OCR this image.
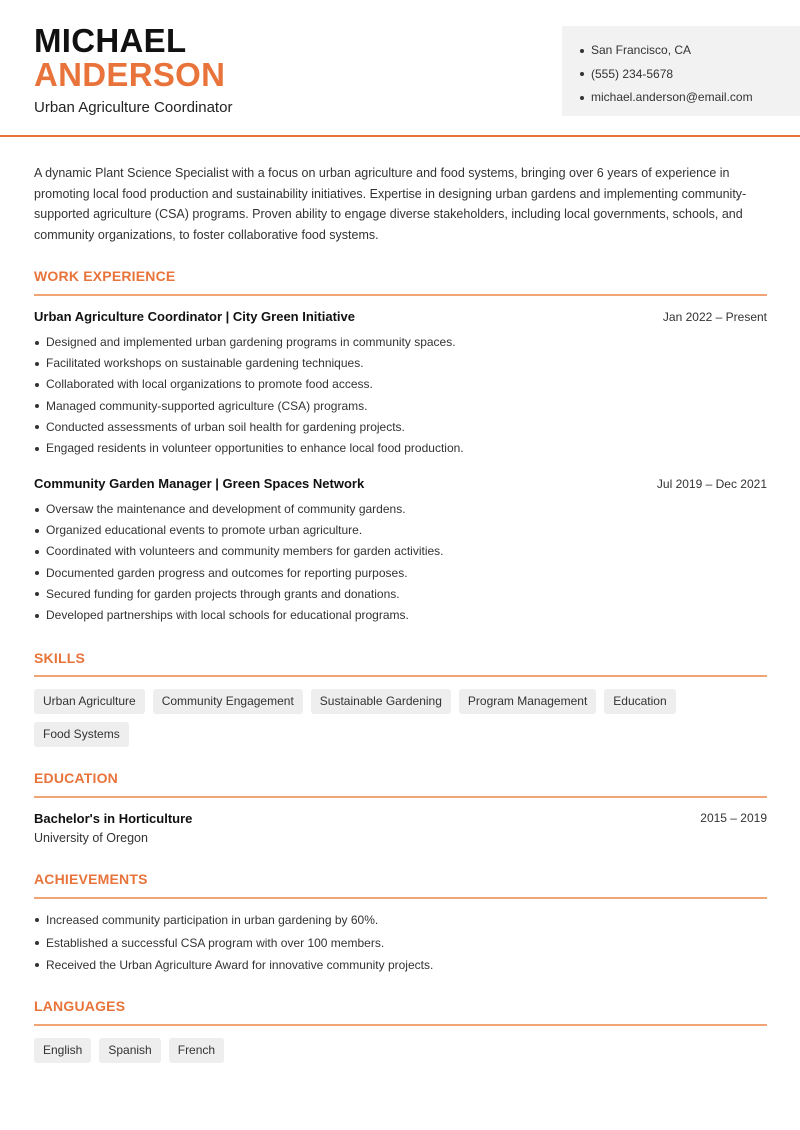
MICHAEL
ANDERSON
Urban Agriculture Coordinator
San Francisco, CA
(555) 234-5678
michael.anderson@email.com

A dynamic Plant Science Specialist with a focus on urban agriculture and food systems, bringing over 6 years of experience in promoting local food production and sustainability initiatives. Expertise in designing urban gardens and implementing community-supported agriculture (CSA) programs. Proven ability to engage diverse stakeholders, including local governments, schools, and community organizations, to foster collaborative food systems.

WORK EXPERIENCE
Urban Agriculture Coordinator | City Green Initiative	Jan 2022 – Present
Designed and implemented urban gardening programs in community spaces.
Facilitated workshops on sustainable gardening techniques.
Collaborated with local organizations to promote food access.
Managed community-supported agriculture (CSA) programs.
Conducted assessments of urban soil health for gardening projects.
Engaged residents in volunteer opportunities to enhance local food production.
Community Garden Manager | Green Spaces Network	Jul 2019 – Dec 2021
Oversaw the maintenance and development of community gardens.
Organized educational events to promote urban agriculture.
Coordinated with volunteers and community members for garden activities.
Documented garden progress and outcomes for reporting purposes.
Secured funding for garden projects through grants and donations.
Developed partnerships with local schools for educational programs.
SKILLS
Urban Agriculture	Community Engagement	Sustainable Gardening	Program Management	Education
Food Systems
EDUCATION
Bachelor's in Horticulture	2015 – 2019
University of Oregon
ACHIEVEMENTS
Increased community participation in urban gardening by 60%.
Established a successful CSA program with over 100 members.
Received the Urban Agriculture Award for innovative community projects.
LANGUAGES
English	Spanish	French
